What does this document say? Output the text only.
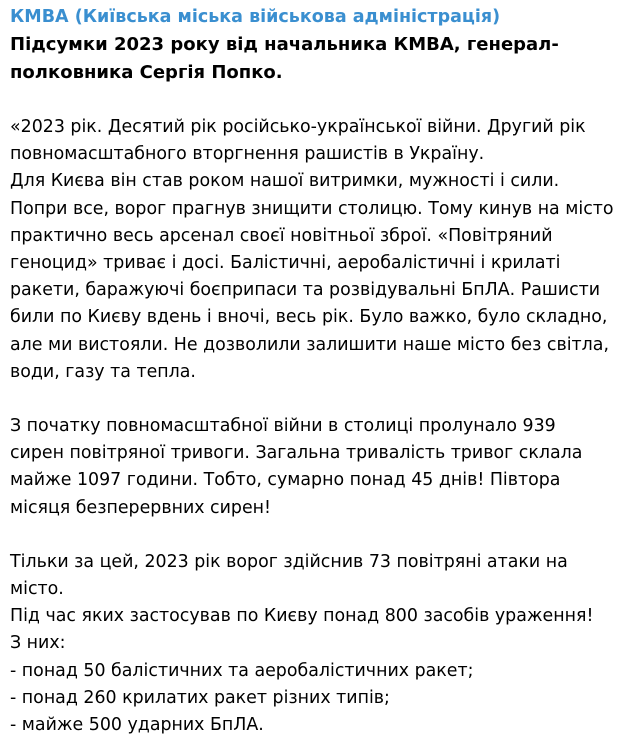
КМВА (Київська міська військова адміністрація)
Підсумки 2023 року від начальника КМВА, генерал-
полковника Сергія Попко.
«2023 рік. Десятий рік російсько-української війни. Другий рік
повномасштабного вторгнення рашистів в Україну.
Для Києва він став роком нашої витримки, мужності і сили.
Попри все, ворог прагнув знищити столицю. Тому кинув на місто
практично весь арсенал своєї новітньої зброї. «Повітряний
геноцид» триває і досі. Балістичні, аеробалістичні і крилаті
ракети, баражуючі боєприпаси та розвідувальні БпЛА. Рашисти
били по Києву вдень і вночі, весь рік. Було важко, було складно,
але ми вистояли. Не дозволили залишити наше місто без світла,
води, газу та тепла.
З початку повномасштабної війни в столиці пролунало 939
сирен повітряної тривоги. Загальна тривалість тривог склала
майже 1097 години. Тобто, сумарно понад 45 днів! Півтора
місяця безперервних сирен!
Тільки за цей, 2023 рік ворог здійснив 73 повітряні атаки на
місто.
Під час яких застосував по Києву понад 800 засобів ураження!
З них:
- понад 50 балістичних та аеробалістичних ракет;
- понад 260 крилатих ракет різних типів;
- майже 500 ударних БпЛА.
